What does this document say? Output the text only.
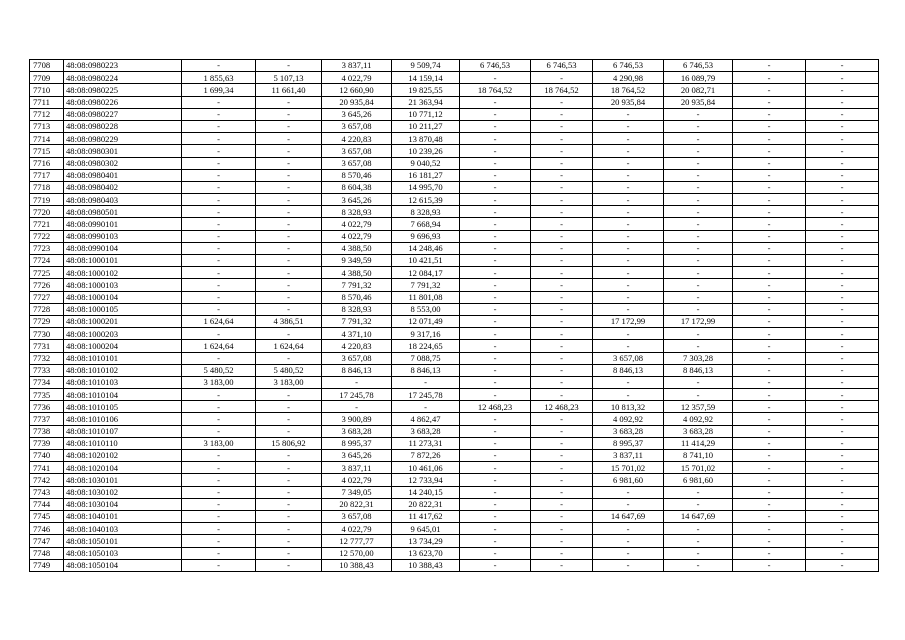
7708	48:08:0980223	-	-	3 837,11	9 509,74	6 746,53	6 746,53	6 746,53	6 746,53	-	-
7709	48:08:0980224	1 855,63	5 107,13	4 022,79	14 159,14	-	-	4 290,98	16 089,79	-	-
7710	48:08:0980225	1 699,34	11 661,40	12 660,90	19 825,55	18 764,52	18 764,52	18 764,52	20 082,71	-	-
7711	48:08:0980226	-	-	20 935,84	21 363,94	-	-	20 935,84	20 935,84	-	-
7712	48:08:0980227	-	-	3 645,26	10 771,12	-	-	-	-	-	-
7713	48:08:0980228	-	-	3 657,08	10 211,27	-	-	-	-	-	-
7714	48:08:0980229	-	-	4 220,83	13 870,48	-	-	-	-	-	-
7715	48:08:0980301	-	-	3 657,08	10 239,26	-	-	-	-	-	-
7716	48:08:0980302	-	-	3 657,08	9 040,52	-	-	-	-	-	-
7717	48:08:0980401	-	-	8 570,46	16 181,27	-	-	-	-	-	-
7718	48:08:0980402	-	-	8 604,38	14 995,70	-	-	-	-	-	-
7719	48:08:0980403	-	-	3 645,26	12 615,39	-	-	-	-	-	-
7720	48:08:0980501	-	-	8 328,93	8 328,93	-	-	-	-	-	-
7721	48:08:0990101	-	-	4 022,79	7 668,94	-	-	-	-	-	-
7722	48:08:0990103	-	-	4 022,79	9 696,93	-	-	-	-	-	-
7723	48:08:0990104	-	-	4 388,50	14 248,46	-	-	-	-	-	-
7724	48:08:1000101	-	-	9 349,59	10 421,51	-	-	-	-	-	-
7725	48:08:1000102	-	-	4 388,50	12 084,17	-	-	-	-	-	-
7726	48:08:1000103	-	-	7 791,32	7 791,32	-	-	-	-	-	-
7727	48:08:1000104	-	-	8 570,46	11 801,08	-	-	-	-	-	-
7728	48:08:1000105	-	-	8 328,93	8 553,00	-	-	-	-	-	-
7729	48:08:1000201	1 624,64	4 386,51	7 791,32	12 071,49	-	-	17 172,99	17 172,99	-	-
7730	48:08:1000203	-	-	4 371,10	9 317,16	-	-	-	-	-	-
7731	48:08:1000204	1 624,64	1 624,64	4 220,83	18 224,65	-	-	-	-	-	-
7732	48:08:1010101	-	-	3 657,08	7 088,75	-	-	3 657,08	7 303,28	-	-
7733	48:08:1010102	5 480,52	5 480,52	8 846,13	8 846,13	-	-	8 846,13	8 846,13	-	-
7734	48:08:1010103	3 183,00	3 183,00	-	-	-	-	-	-	-	-
7735	48:08:1010104	-	-	17 245,78	17 245,78	-	-	-	-	-	-
7736	48:08:1010105	-	-	-	-	12 468,23	12 468,23	10 813,32	12 357,59	-	-
7737	48:08:1010106	-	-	3 900,89	4 862,47	-	-	4 092,92	4 092,92	-	-
7738	48:08:1010107	-	-	3 683,28	3 683,28	-	-	3 683,28	3 683,28	-	-
7739	48:08:1010110	3 183,00	15 806,92	8 995,37	11 273,31	-	-	8 995,37	11 414,29	-	-
7740	48:08:1020102	-	-	3 645,26	7 872,26	-	-	3 837,11	8 741,10	-	-
7741	48:08:1020104	-	-	3 837,11	10 461,06	-	-	15 701,02	15 701,02	-	-
7742	48:08:1030101	-	-	4 022,79	12 733,94	-	-	6 981,60	6 981,60	-	-
7743	48:08:1030102	-	-	7 349,05	14 240,15	-	-	-	-	-	-
7744	48:08:1030104	-	-	20 822,31	20 822,31	-	-	-	-	-	-
7745	48:08:1040101	-	-	3 657,08	11 417,62	-	-	14 647,69	14 647,69	-	-
7746	48:08:1040103	-	-	4 022,79	9 645,01	-	-	-	-	-	-
7747	48:08:1050101	-	-	12 777,77	13 734,29	-	-	-	-	-	-
7748	48:08:1050103	-	-	12 570,00	13 623,70	-	-	-	-	-	-
7749	48:08:1050104	-	-	10 388,43	10 388,43	-	-	-	-	-	-
